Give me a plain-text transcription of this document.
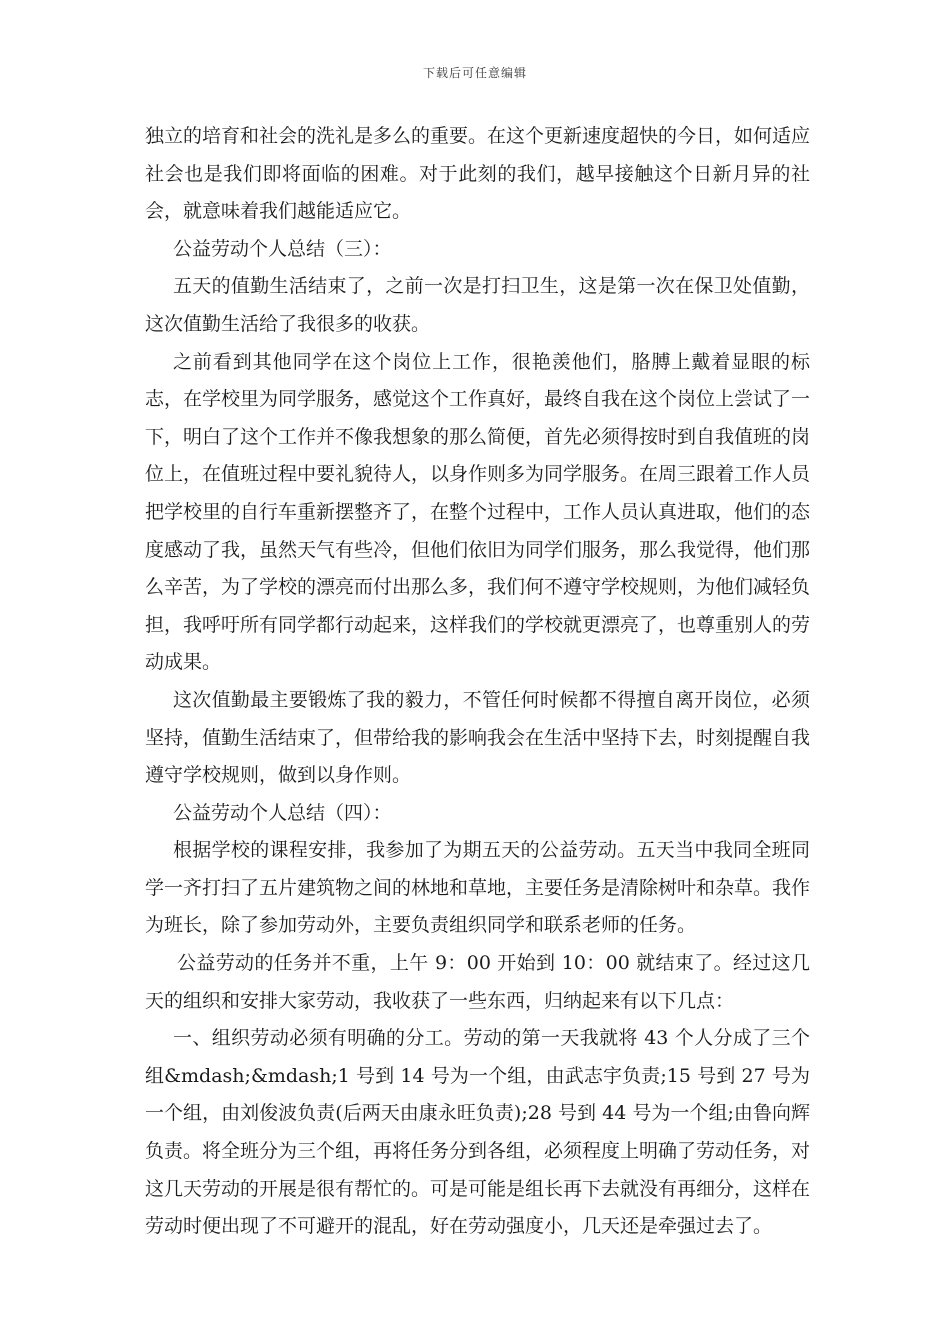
下载后可任意编辑

独立的培育和社会的洗礼是多么的重要。在这个更新速度超快的今日，如何适应社会也是我们即将面临的困难。对于此刻的我们，越早接触这个日新月异的社会，就意味着我们越能适应它。

公益劳动个人总结（三）：

五天的值勤生活结束了，之前一次是打扫卫生，这是第一次在保卫处值勤，这次值勤生活给了我很多的收获。

之前看到其他同学在这个岗位上工作，很艳羡他们，胳膊上戴着显眼的标志，在学校里为同学服务，感觉这个工作真好，最终自我在这个岗位上尝试了一下，明白了这个工作并不像我想象的那么简便，首先必须得按时到自我值班的岗位上，在值班过程中要礼貌待人，以身作则多为同学服务。在周三跟着工作人员把学校里的自行车重新摆整齐了，在整个过程中，工作人员认真进取，他们的态度感动了我，虽然天气有些冷，但他们依旧为同学们服务，那么我觉得，他们那么辛苦，为了学校的漂亮而付出那么多，我们何不遵守学校规则，为他们减轻负担，我呼吁所有同学都行动起来，这样我们的学校就更漂亮了，也尊重别人的劳动成果。

这次值勤最主要锻炼了我的毅力，不管任何时候都不得擅自离开岗位，必须坚持，值勤生活结束了，但带给我的影响我会在生活中坚持下去，时刻提醒自我遵守学校规则，做到以身作则。

公益劳动个人总结（四）：

根据学校的课程安排，我参加了为期五天的公益劳动。五天当中我同全班同学一齐打扫了五片建筑物之间的林地和草地，主要任务是清除树叶和杂草。我作为班长，除了参加劳动外，主要负责组织同学和联系老师的任务。

公益劳动的任务并不重，上午 9：00 开始到 10：00 就结束了。经过这几天的组织和安排大家劳动，我收获了一些东西，归纳起来有以下几点：

一、组织劳动必须有明确的分工。劳动的第一天我就将 43 个人分成了三个组&mdash;&mdash;1 号到 14 号为一个组，由武志宇负责;15 号到 27 号为一个组，由刘俊波负责(后两天由康永旺负责);28 号到 44 号为一个组;由鲁向辉负责。将全班分为三个组，再将任务分到各组，必须程度上明确了劳动任务，对这几天劳动的开展是很有帮忙的。可是可能是组长再下去就没有再细分，这样在劳动时便出现了不可避开的混乱，好在劳动强度小，几天还是牵强过去了。
